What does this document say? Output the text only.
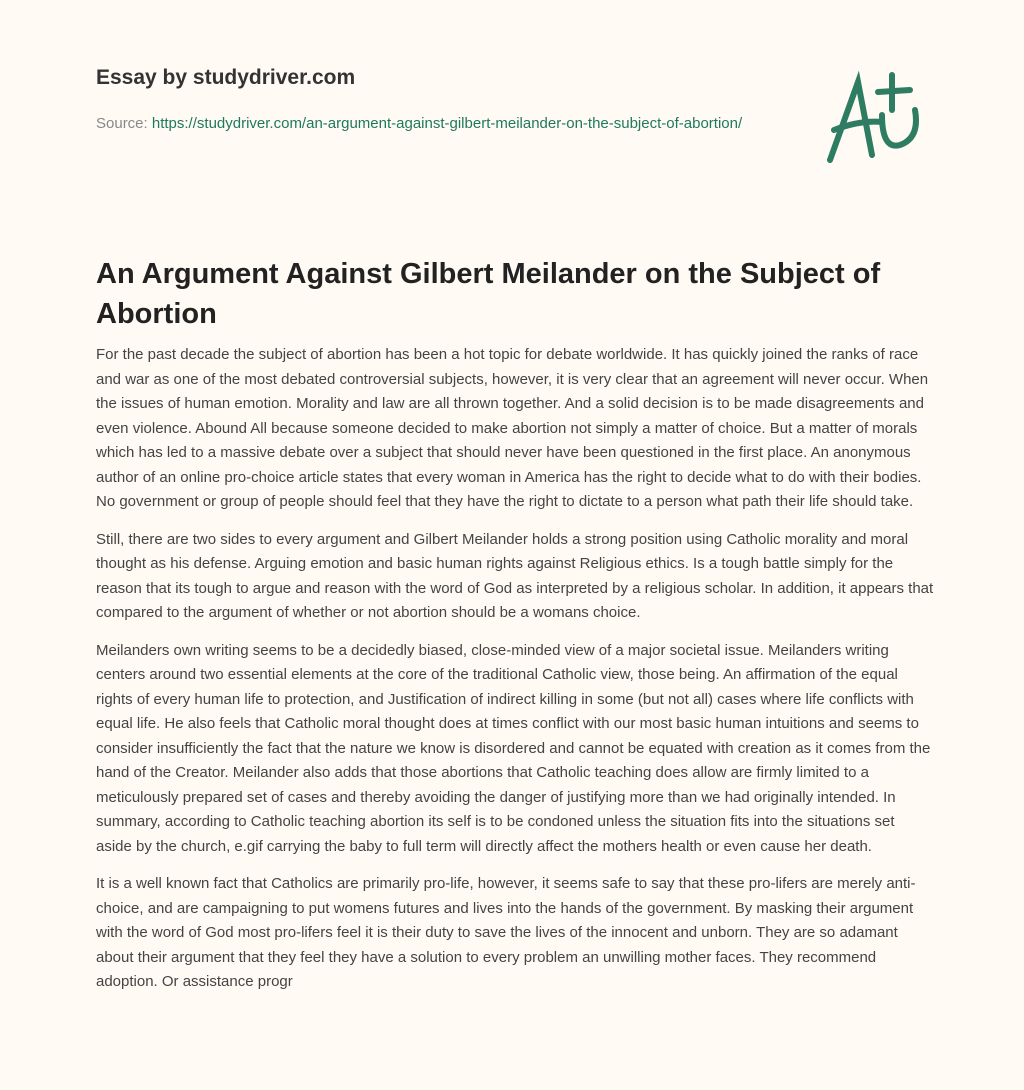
Essay by studydriver.com
Source: https://studydriver.com/an-argument-against-gilbert-meilander-on-the-subject-of-abortion/
An Argument Against Gilbert Meilander on the Subject of Abortion

For the past decade the subject of abortion has been a hot topic for debate worldwide. It has quickly joined the ranks of race and war as one of the most debated controversial subjects, however, it is very clear that an agreement will never occur. When the issues of human emotion. Morality and law are all thrown together. And a solid decision is to be made disagreements and even violence. Abound All because someone decided to make abortion not simply a matter of choice. But a matter of morals which has led to a massive debate over a subject that should never have been questioned in the first place. An anonymous author of an online pro-choice article states that every woman in America has the right to decide what to do with their bodies. No government or group of people should feel that they have the right to dictate to a person what path their life should take.

Still, there are two sides to every argument and Gilbert Meilander holds a strong position using Catholic morality and moral thought as his defense. Arguing emotion and basic human rights against Religious ethics. Is a tough battle simply for the reason that its tough to argue and reason with the word of God as interpreted by a religious scholar. In addition, it appears that compared to the argument of whether or not abortion should be a womans choice.

Meilanders own writing seems to be a decidedly biased, close-minded view of a major societal issue. Meilanders writing centers around two essential elements at the core of the traditional Catholic view, those being. An affirmation of the equal rights of every human life to protection, and Justification of indirect killing in some (but not all) cases where life conflicts with equal life. He also feels that Catholic moral thought does at times conflict with our most basic human intuitions and seems to consider insufficiently the fact that the nature we know is disordered and cannot be equated with creation as it comes from the hand of the Creator. Meilander also adds that those abortions that Catholic teaching does allow are firmly limited to a meticulously prepared set of cases and thereby avoiding the danger of justifying more than we had originally intended. In summary, according to Catholic teaching abortion its self is to be condoned unless the situation fits into the situations set aside by the church, e.gif carrying the baby to full term will directly affect the mothers health or even cause her death.

It is a well known fact that Catholics are primarily pro-life, however, it seems safe to say that these pro-lifers are merely anti-choice, and are campaigning to put womens futures and lives into the hands of the government. By masking their argument with the word of God most pro-lifers feel it is their duty to save the lives of the innocent and unborn. They are so adamant about their argument that they feel they have a solution to every problem an unwilling mother faces. They recommend adoption. Or assistance progr
